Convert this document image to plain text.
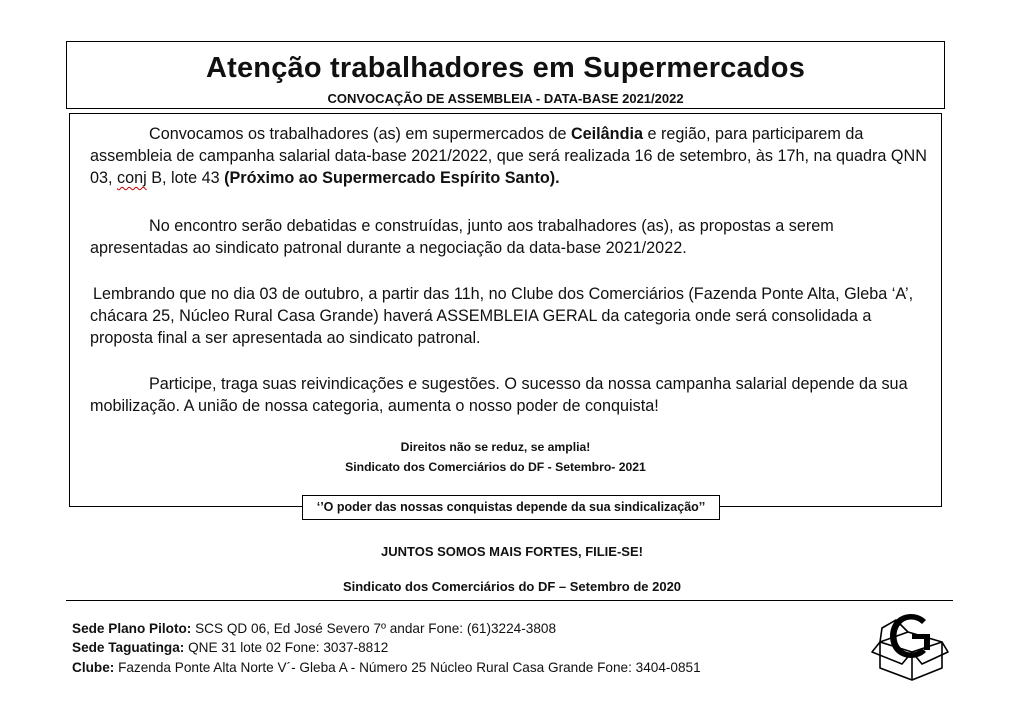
Atenção trabalhadores em Supermercados
CONVOCAÇÃO DE ASSEMBLEIA - DATA-BASE 2021/2022

Convocamos os trabalhadores (as) em supermercados de Ceilândia e região, para participarem da assembleia de campanha salarial data-base 2021/2022, que será realizada 16 de setembro, às 17h, na quadra QNN 03, conj B, lote 43 (Próximo ao Supermercado Espírito Santo).

No encontro serão debatidas e construídas, junto aos trabalhadores (as), as propostas a serem apresentadas ao sindicato patronal durante a negociação da data-base 2021/2022.

Lembrando que no dia 03 de outubro, a partir das 11h, no Clube dos Comerciários (Fazenda Ponte Alta, Gleba ‘A’, chácara 25, Núcleo Rural Casa Grande) haverá ASSEMBLEIA GERAL da categoria onde será consolidada a proposta final a ser apresentada ao sindicato patronal.

Participe, traga suas reivindicações e sugestões. O sucesso da nossa campanha salarial depende da sua mobilização. A união de nossa categoria, aumenta o nosso poder de conquista!

Direitos não se reduz, se amplia!
Sindicato dos Comerciários do DF - Setembro- 2021
‘’O poder das nossas conquistas depende da sua sindicalização’’
JUNTOS SOMOS MAIS FORTES, FILIE-SE!
Sindicato dos Comerciários do DF – Setembro de 2020
Sede Plano Piloto: SCS QD 06, Ed José Severo 7º andar Fone: (61)3224-3808
Sede Taguatinga: QNE 31 lote 02 Fone: 3037-8812
Clube: Fazenda Ponte Alta Norte V´- Gleba A - Número 25 Núcleo Rural Casa Grande Fone: 3404-0851
